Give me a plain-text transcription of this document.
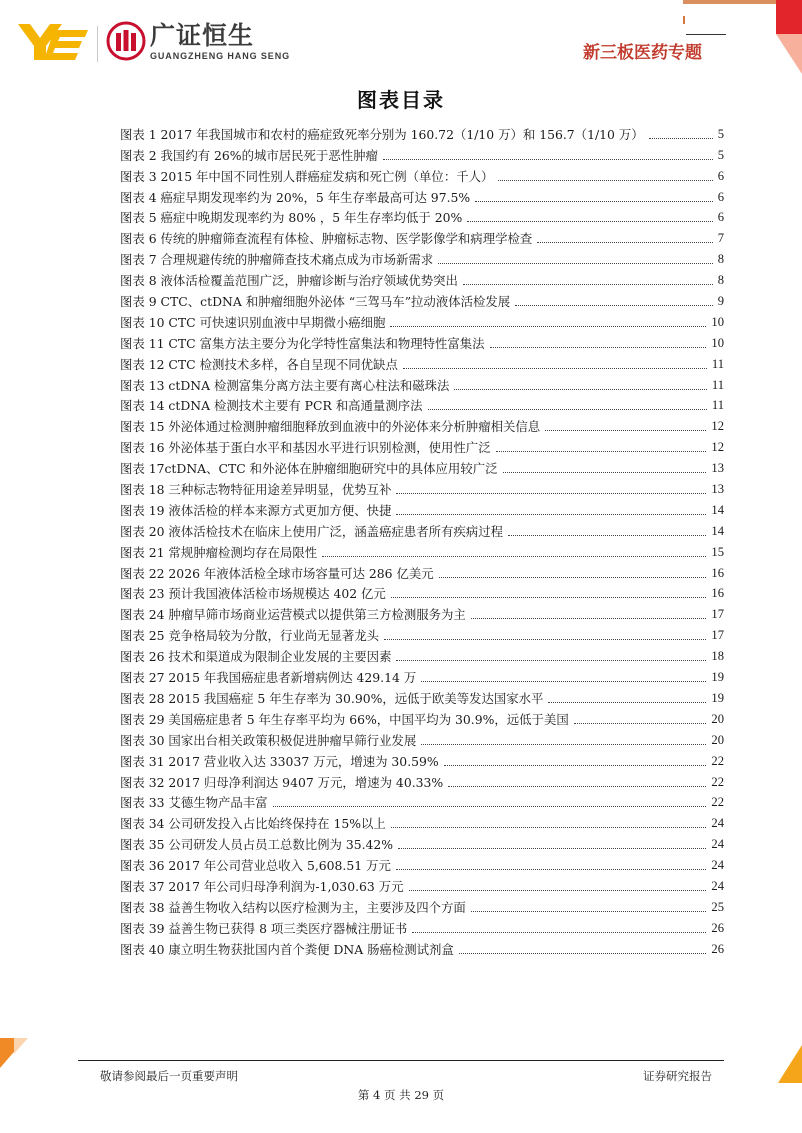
广证恒生
GUANGZHENG HANG SENG	新三板医药专题
图表目录
图表 1 2017 年我国城市和农村的癌症致死率分别为 160.72（1/10 万）和 156.7（1/10 万）	5
图表 2 我国约有 26%的城市居民死于恶性肿瘤	5
图表 3 2015 年中国不同性别人群癌症发病和死亡例（单位：千人）	6
图表 4 癌症早期发现率约为 20%，5 年生存率最高可达 97.5%	6
图表 5 癌症中晚期发现率约为 80% ，5 年生存率均低于 20%	6
图表 6 传统的肿瘤筛查流程有体检、肿瘤标志物、医学影像学和病理学检查	7
图表 7 合理规避传统的肿瘤筛查技术痛点成为市场新需求	8
图表 8 液体活检覆盖范围广泛，肿瘤诊断与治疗领域优势突出	8
图表 9 CTC、ctDNA 和肿瘤细胞外泌体 “三驾马车”拉动液体活检发展	9
图表 10 CTC 可快速识别血液中早期微小癌细胞	10
图表 11 CTC 富集方法主要分为化学特性富集法和物理特性富集法	10
图表 12 CTC 检测技术多样，各自呈现不同优缺点	11
图表 13 ctDNA 检测富集分离方法主要有离心柱法和磁珠法	11
图表 14 ctDNA 检测技术主要有 PCR 和高通量测序法	11
图表 15 外泌体通过检测肿瘤细胞释放到血液中的外泌体来分析肿瘤相关信息	12
图表 16 外泌体基于蛋白水平和基因水平进行识别检测，使用性广泛	12
图表 17ctDNA、CTC 和外泌体在肿瘤细胞研究中的具体应用较广泛	13
图表 18 三种标志物特征用途差异明显，优势互补	13
图表 19 液体活检的样本来源方式更加方便、快捷	14
图表 20 液体活检技术在临床上使用广泛，涵盖癌症患者所有疾病过程	14
图表 21 常规肿瘤检测均存在局限性	15
图表 22 2026 年液体活检全球市场容量可达 286 亿美元	16
图表 23 预计我国液体活检市场规模达 402 亿元	16
图表 24 肿瘤早筛市场商业运营模式以提供第三方检测服务为主	17
图表 25 竞争格局较为分散，行业尚无显著龙头	17
图表 26 技术和渠道成为限制企业发展的主要因素	18
图表 27 2015 年我国癌症患者新增病例达 429.14 万	19
图表 28 2015 我国癌症 5 年生存率为 30.90%，远低于欧美等发达国家水平	19
图表 29 美国癌症患者 5 年生存率平均为 66%，中国平均为 30.9%，远低于美国	20
图表 30 国家出台相关政策积极促进肿瘤早筛行业发展	20
图表 31 2017 营业收入达 33037 万元，增速为 30.59%	22
图表 32 2017 归母净利润达 9407 万元，增速为 40.33%	22
图表 33 艾德生物产品丰富	22
图表 34 公司研发投入占比始终保持在 15%以上	24
图表 35 公司研发人员占员工总数比例为 35.42%	24
图表 36 2017 年公司营业总收入 5,608.51 万元	24
图表 37 2017 年公司归母净利润为-1,030.63 万元	24
图表 38 益善生物收入结构以医疗检测为主，主要涉及四个方面	25
图表 39 益善生物已获得 8 项三类医疗器械注册证书	26
图表 40 康立明生物获批国内首个粪便 DNA 肠癌检测试剂盒	26
敬请参阅最后一页重要声明	证券研究报告
第 4 页 共 29 页
